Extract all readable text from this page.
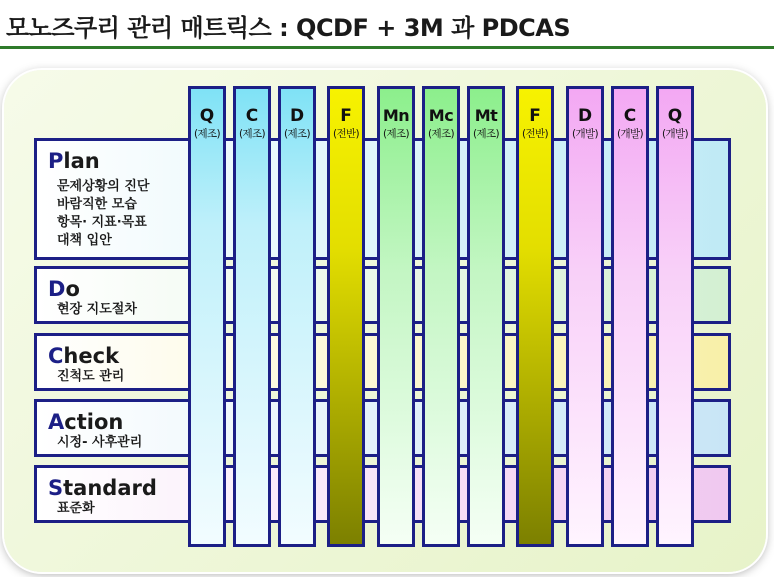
모노즈쿠리 관리 매트릭스 : QCDF + 3M 과 PDCAS
Plan
문제상황의 진단
바람직한 모습
항목· 지표·목표
대책 입안
Do
현장 지도절차
Check
진척도 관리
Action
시정- 사후관리
Standard
표준화
Q
(제조)
C
(제조)
D
(제조)
F
(전반)
Mn
(제조)
Mc
(제조)
Mt
(제조)
F
(전반)
D
(개발)
C
(개발)
Q
(개발)
